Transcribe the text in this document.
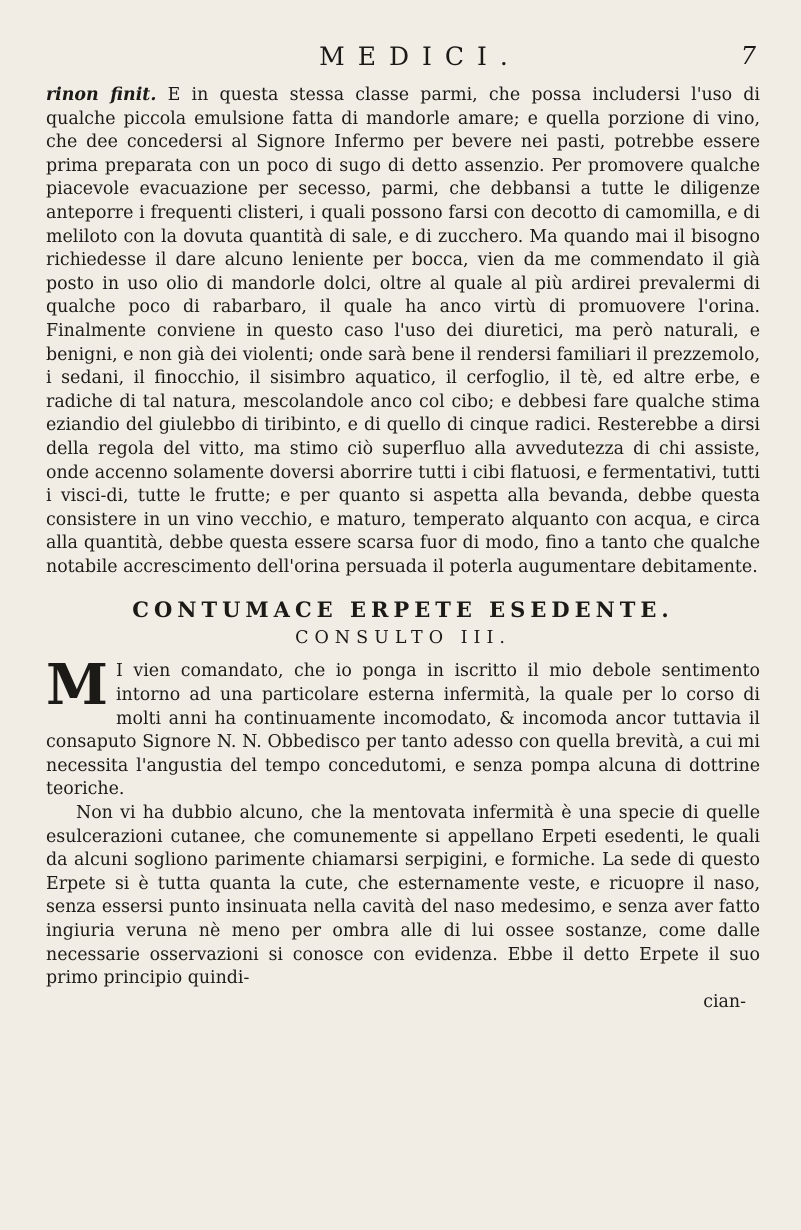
MEDICI.	7

rinon finit. E in questa stessa classe parmi, che possa includersi l'uso di qualche piccola emulsione fatta di mandorle amare; e quella porzione di vino, che dee concedersi al Signore Infermo per bevere nei pasti, potrebbe essere prima preparata con un poco di sugo di detto assenzio. Per promovere qualche piacevole evacuazione per secesso, parmi, che debbansi a tutte le diligenze anteporre i frequenti clisteri, i quali possono farsi con decotto di camomilla, e di meliloto con la dovuta quantità di sale, e di zucchero. Ma quando mai il bisogno richiedesse il dare alcuno leniente per bocca, vien da me commendato il già posto in uso olio di mandorle dolci, oltre al quale al più ardirei prevalermi di qualche poco di rabarbaro, il quale ha anco virtù di promuovere l'orina. Finalmente conviene in questo caso l'uso dei diuretici, ma però naturali, e benigni, e non già dei violenti; onde sarà bene il rendersi familiari il prezzemolo, i sedani, il finocchio, il sisimbro aquatico, il cerfoglio, il tè, ed altre erbe, e radiche di tal natura, mescolandole anco col cibo; e debbesi fare qualche stima eziandio del giulebbo di tiribinto, e di quello di cinque radici. Resterebbe a dirsi della regola del vitto, ma stimo ciò superfluo alla avvedutezza di chi assiste, onde accenno solamente doversi aborrire tutti i cibi flatuosi, e fermentativi, tutti i visci-di, tutte le frutte; e per quanto si aspetta alla bevanda, debbe questa consistere in un vino vecchio, e maturo, temperato alquanto con acqua, e circa alla quantità, debbe questa essere scarsa fuor di modo, fino a tanto che qualche notabile accrescimento dell'orina persuada il poterla augumentare debitamente.

CONTUMACE ERPETE ESEDENTE.
CONSULTO III.

M I vien comandato, che io ponga in iscritto il mio debole sentimento intorno ad una particolare esterna infermità, la quale per lo corso di molti anni ha continuamente incomodato, & incomoda ancor tuttavia il consaputo Signore N. N. Obbedisco per tanto adesso con quella brevità, a cui mi necessita l'angustia del tempo concedutomi, e senza pompa alcuna di dottrine teoriche.

Non vi ha dubbio alcuno, che la mentovata infermità è una specie di quelle esulcerazioni cutanee, che comunemente si appellano Erpeti esedenti, le quali da alcuni sogliono parimente chiamarsi serpigini, e formiche. La sede di questo Erpete si è tutta quanta la cute, che esternamente veste, e ricuopre il naso, senza essersi punto insinuata nella cavità del naso medesimo, e senza aver fatto ingiuria veruna nè meno per ombra alle di lui ossee sostanze, come dalle necessarie osservazioni si conosce con evidenza. Ebbe il detto Erpete il suo primo principio quindi-

cian-
